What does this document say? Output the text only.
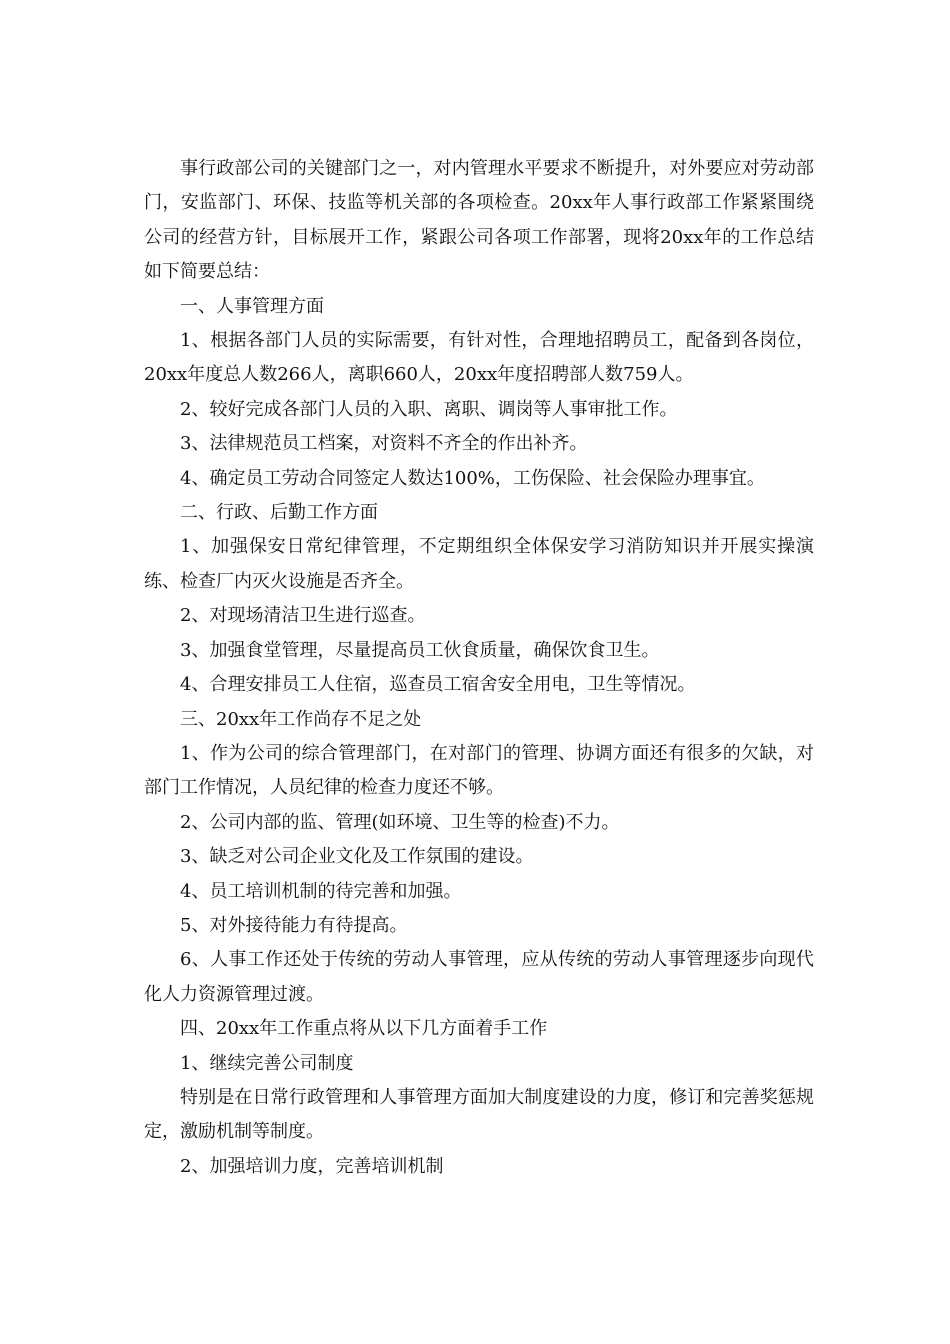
事行政部公司的关键部门之一，对内管理水平要求不断提升，对外要应对劳动部门，安监部门、环保、技监等机关部的各项检查。20xx年人事行政部工作紧紧围绕公司的经营方针，目标展开工作，紧跟公司各项工作部署，现将20xx年的工作总结如下简要总结：

一、人事管理方面

1、根据各部门人员的实际需要，有针对性，合理地招聘员工，配备到各岗位，20xx年度总人数266人，离职660人，20xx年度招聘部人数759人。

2、较好完成各部门人员的入职、离职、调岗等人事审批工作。

3、法律规范员工档案，对资料不齐全的作出补齐。

4、确定员工劳动合同签定人数达100%，工伤保险、社会保险办理事宜。

二、行政、后勤工作方面

1、加强保安日常纪律管理，不定期组织全体保安学习消防知识并开展实操演练、检查厂内灭火设施是否齐全。

2、对现场清洁卫生进行巡查。

3、加强食堂管理，尽量提高员工伙食质量，确保饮食卫生。

4、合理安排员工人住宿，巡查员工宿舍安全用电，卫生等情况。

三、20xx年工作尚存不足之处

1、作为公司的综合管理部门，在对部门的管理、协调方面还有很多的欠缺，对部门工作情况，人员纪律的检查力度还不够。

2、公司内部的监、管理(如环境、卫生等的检查)不力。

3、缺乏对公司企业文化及工作氛围的建设。

4、员工培训机制的待完善和加强。

5、对外接待能力有待提高。

6、人事工作还处于传统的劳动人事管理，应从传统的劳动人事管理逐步向现代化人力资源管理过渡。

四、20xx年工作重点将从以下几方面着手工作

1、继续完善公司制度

特别是在日常行政管理和人事管理方面加大制度建设的力度，修订和完善奖惩规定，激励机制等制度。

2、加强培训力度，完善培训机制
